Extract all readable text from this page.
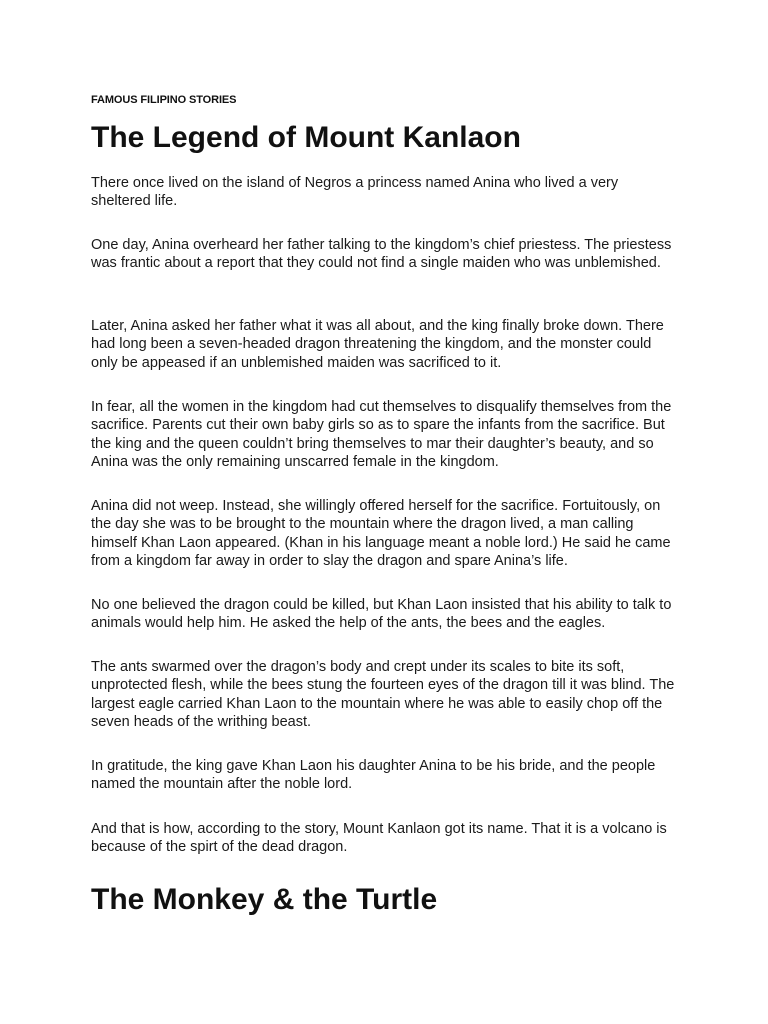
FAMOUS FILIPINO STORIES
The Legend of Mount Kanlaon

There once lived on the island of Negros a princess named Anina who lived a very sheltered life.

One day, Anina overheard her father talking to the kingdom’s chief priestess. The priestess was frantic about a report that they could not find a single maiden who was unblemished.

Later, Anina asked her father what it was all about, and the king finally broke down. There had long been a seven-headed dragon threatening the kingdom, and the monster could only be appeased if an unblemished maiden was sacrificed to it.

In fear, all the women in the kingdom had cut themselves to disqualify themselves from the sacrifice. Parents cut their own baby girls so as to spare the infants from the sacrifice. But the king and the queen couldn’t bring themselves to mar their daughter’s beauty, and so Anina was the only remaining unscarred female in the kingdom.

Anina did not weep. Instead, she willingly offered herself for the sacrifice. Fortuitously, on the day she was to be brought to the mountain where the dragon lived, a man calling himself Khan Laon appeared. (Khan in his language meant a noble lord.) He said he came from a kingdom far away in order to slay the dragon and spare Anina’s life.

No one believed the dragon could be killed, but Khan Laon insisted that his ability to talk to animals would help him. He asked the help of the ants, the bees and the eagles.

The ants swarmed over the dragon’s body and crept under its scales to bite its soft, unprotected flesh, while the bees stung the fourteen eyes of the dragon till it was blind. The largest eagle carried Khan Laon to the mountain where he was able to easily chop off the seven heads of the writhing beast.

In gratitude, the king gave Khan Laon his daughter Anina to be his bride, and the people named the mountain after the noble lord.

And that is how, according to the story, Mount Kanlaon got its name. That it is a volcano is because of the spirt of the dead dragon.

The Monkey & the Turtle
